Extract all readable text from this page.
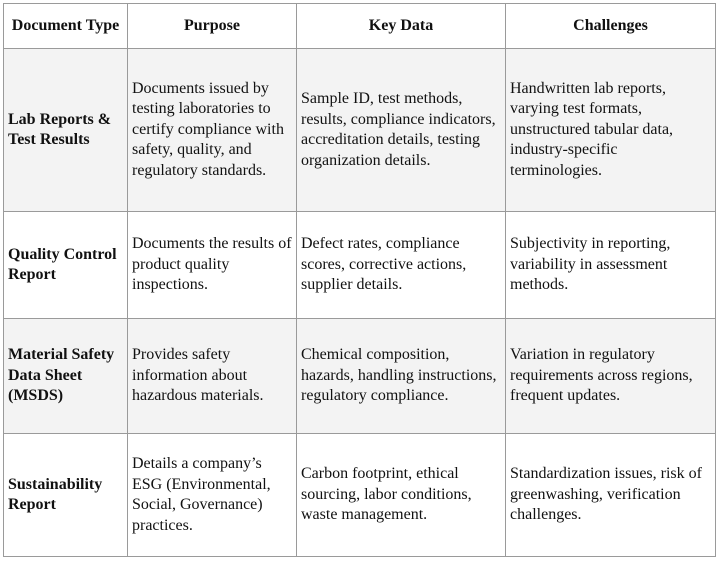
Document Type	Purpose	Key Data	Challenges
Lab Reports & Test Results	Documents issued by testing laboratories to certify compliance with safety, quality, and regulatory standards.	Sample ID, test methods, results, compliance indicators, accreditation details, testing organization details.	Handwritten lab reports, varying test formats, unstructured tabular data, industry-specific terminologies.
Quality Control Report	Documents the results of product quality inspections.	Defect rates, compliance scores, corrective actions, supplier details.	Subjectivity in reporting, variability in assessment methods.
Material Safety Data Sheet (MSDS)	Provides safety information about hazardous materials.	Chemical composition, hazards, handling instructions, regulatory compliance.	Variation in regulatory requirements across regions, frequent updates.
Sustainability Report	Details a company’s ESG (Environmental, Social, Governance) practices.	Carbon footprint, ethical sourcing, labor conditions, waste management.	Standardization issues, risk of greenwashing, verification challenges.
